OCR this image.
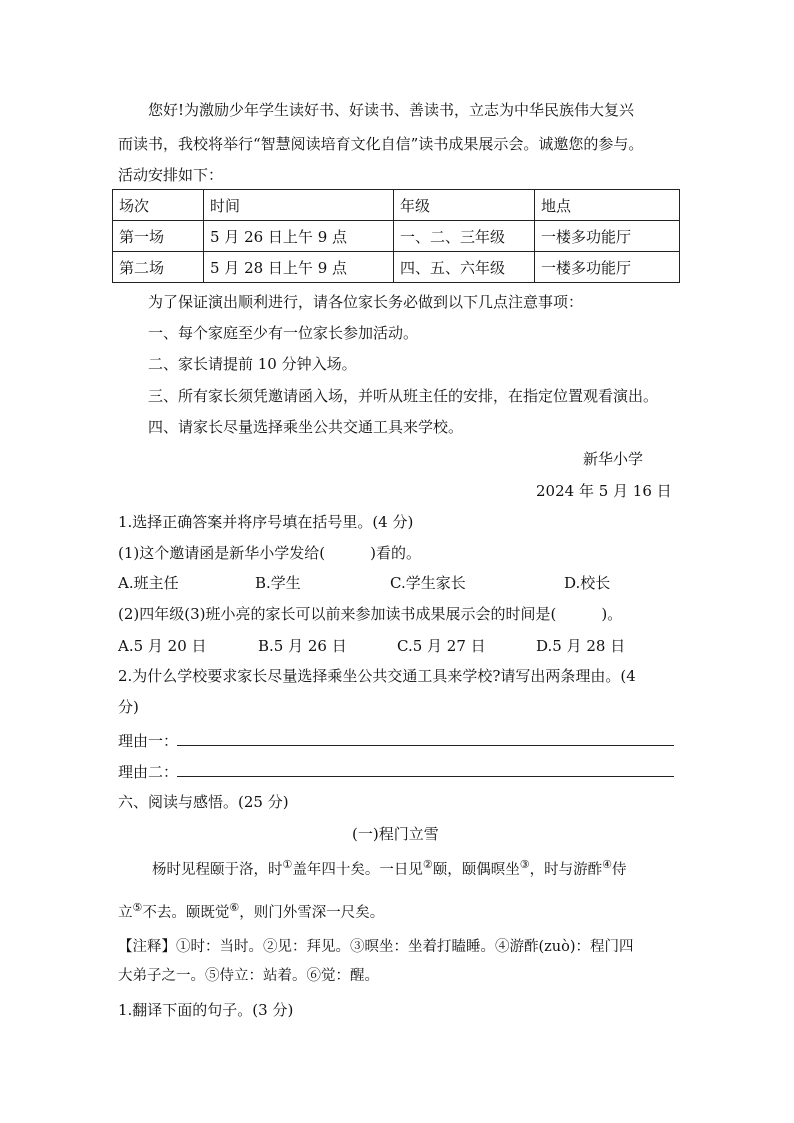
您好!为激励少年学生读好书、好读书、善读书，立志为中华民族伟大复兴
而读书，我校将举行“智慧阅读培育文化自信”读书成果展示会。诚邀您的参与。
活动安排如下：
场次	时间	年级	地点
第一场	5 月 26 日上午 9 点	一、二、三年级	一楼多功能厅
第二场	5 月 28 日上午 9 点	四、五、六年级	一楼多功能厅
为了保证演出顺利进行，请各位家长务必做到以下几点注意事项：
一、每个家庭至少有一位家长参加活动。
二、家长请提前 10 分钟入场。
三、所有家长须凭邀请函入场，并听从班主任的安排，在指定位置观看演出。
四、请家长尽量选择乘坐公共交通工具来学校。
新华小学
2024 年 5 月 16 日
1.选择正确答案并将序号填在括号里。(4 分)
(1)这个邀请函是新华小学发给(　　　)看的。
A.班主任	B.学生	C.学生家长	D.校长
(2)四年级(3)班小亮的家长可以前来参加读书成果展示会的时间是(　　　)。
A.5 月 20 日	B.5 月 26 日	C.5 月 27 日	D.5 月 28 日
2.为什么学校要求家长尽量选择乘坐公共交通工具来学校?请写出两条理由。(4
分)
理由一：
理由二：
六、阅读与感悟。(25 分)
(一)程门立雪
杨时见程颐于洛，时①盖年四十矣。一日见②颐，颐偶暝坐③，时与游酢④侍
立⑤不去。颐既觉⑥，则门外雪深一尺矣。
【注释】①时：当时。②见：拜见。③暝坐：坐着打瞌睡。④游酢(zuò)：程门四
大弟子之一。⑤侍立：站着。⑥觉：醒。
1.翻译下面的句子。(3 分)
